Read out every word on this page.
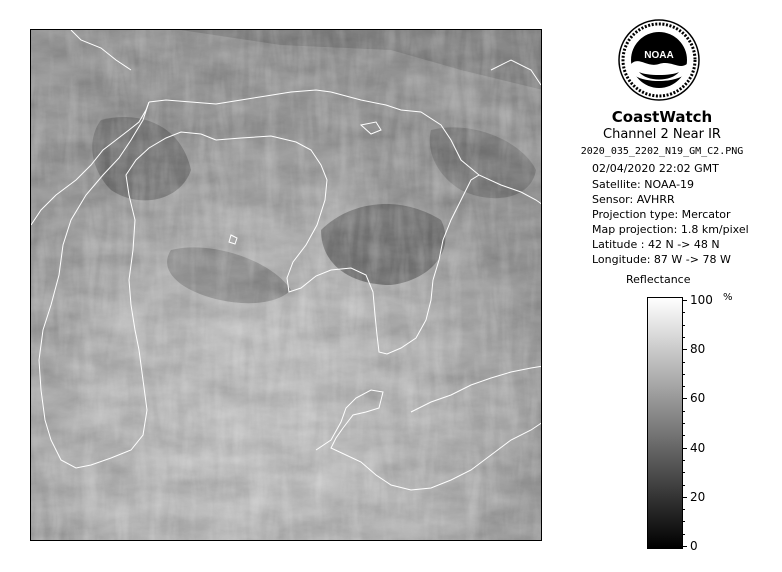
NOAA
CoastWatch
Channel 2 Near IR
2020_035_2202_N19_GM_C2.PNG
02/04/2020 22:02 GMT
Satellite: NOAA-19
Sensor: AVHRR
Projection type: Mercator
Map projection: 1.8 km/pixel
Latitude : 42 N -> 48 N
Longitude: 87 W -> 78 W
Reflectance
%
100
80
60
40
20
0
